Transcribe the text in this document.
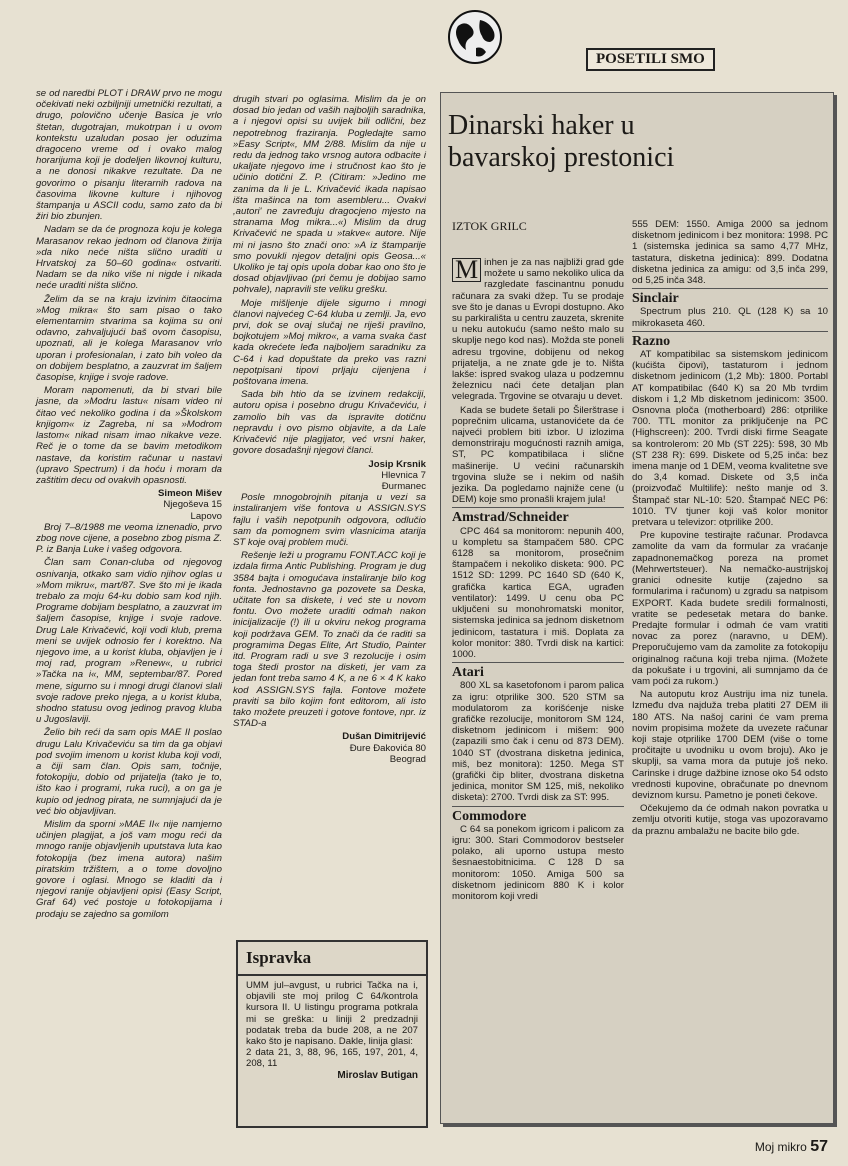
POSETILI SMO

se od naredbi PLOT i DRAW prvo ne mogu očekivati neki ozbiljniji umetnički rezultati, a drugo, polovično učenje Basica je vrlo štetan, dugotrajan, mukotrpan i u ovom kontekstu uzaludan posao jer oduzima dragoceno vreme od i ovako malog horarijuma koji je dodeljen likovnoj kulturu, a ne donosi nikakve rezultate. Da ne govorimo o pisanju literarnih radova na časovima likovne kulture i njihovog štampanja u ASCII codu, samo zato da bi žiri bio zbunjen.

Nadam se da će prognoza koju je kolega Marasanov rekao jednom od članova žirija »da niko neće ništa slično uraditi u Hrvatskoj za 50–60 godina« ostvariti. Nadam se da niko više ni nigde i nikada neće uraditi ništa slično.

Želim da se na kraju izvinim čitaocima »Mog mikra« što sam pisao o tako elementarnim stvarima sa kojima su oni odavno, zahvaljujući baš ovom časopisu, upoznati, ali je kolega Marasanov vrlo uporan i profesionalan, i zato bih voleo da on dobijem besplatno, a zauzvrat im šaljem časopise, knjige i svoje radove.

Moram napomenuti, da bi stvari bile jasne, da »Modru lastu« nisam video ni čitao već nekoliko godina i da »Školskom knjigom« iz Zagreba, ni sa »Modrom lastom« nikad nisam imao nikakve veze. Reč je o tome da se bavim metodikom nastave, da koristim računar u nastavi (upravo Spectrum) i da hoću i moram da zaštitim decu od ovakvih opasnosti.

Simeon Mišev
Njegoševa 15
Lapovo

Broj 7–8/1988 me veoma iznenadio, prvo zbog nove cijene, a posebno zbog pisma Z. P. iz Banja Luke i vašeg odgovora.

Član sam Conan-cluba od njegovog osnivanja, otkako sam vidio njihov oglas u »Mom mikru«, mart/87. Sve što mi je ikada trebalo za moju 64-ku dobio sam kod njih. Programe dobijam besplatno, a zauzvrat im šaljem časopise, knjige i svoje radove. Drug Lale Krivačević, koji vodi klub, prema meni se uvijek odnosio fer i korektno. Na njegovo ime, a u korist kluba, objavljen je i moj rad, program »Renew«, u rubrici »Tačka na i«, MM, septembar/87. Pored mene, sigurno su i mnogi drugi članovi slali svoje radove preko njega, a u korist kluba, shodno statusu ovog jedinog pravog kluba u Jugoslaviji.

Želio bih reći da sam opis MAE II poslao drugu Lalu Krivačeviću sa tim da ga objavi pod svojim imenom u korist kluba koji vodi, a čiji sam član. Opis sam, točnije, fotokopiju, dobio od prijatelja (tako je to, išto kao i programi, ruka ruci), a on ga je kupio od jednog pirata, ne sumnjajući da je već bio objavljivan.

Mislim da sporni »MAE II« nije namjerno učinjen plagijat, a još vam mogu reći da mnogo ranije objavljenih uputstava luta kao fotokopija (bez imena autora) našim piratskim tržištem, a o tome dovoljno govore i oglasi. Mnogo se kladiti da i njegovi ranije objavljeni opisi (Easy Script, Graf 64) već postoje u fotokopijama i prodaju se zajedno sa gomilom

drugih stvari po oglasima. Mislim da je on dosad bio jedan od vaših najboljih saradnika, a i njegovi opisi su uvijek bili odlični, bez nepotrebnog fraziranja. Pogledajte samo »Easy Script«, MM 2/88. Mislim da nije u redu da jednog tako vrsnog autora odbacite i ukaljate njegovo ime i stručnost kao što je učinio dotični Z. P. (Citiram: »Jedino me zanima da li je L. Krivačević ikada napisao išta mašinca na tom asembleru... Ovakvi ,autori' ne zavređuju dragocjeno mjesto na stranama Mog mikra...«) Mislim da drug Krivačević ne spada u »takve« autore. Nije mi ni jasno što znači ono: »A iz štamparije smo povukli njegov detaljni opis Geosa...« Ukoliko je taj opis upola dobar kao ono što je dosad objavljivao (pri čemu je dobijao samo pohvale), napravili ste veliku grešku.

Moje mišljenje dijele sigurno i mnogi članovi najvećeg C-64 kluba u zemlji. Ja, evo prvi, dok se ovaj slučaj ne riješi pravilno, bojkotujem »Moj mikro«, a vama svaka čast kada okrećete leđa najboljem saradniku za C-64 i kad dopuštate da preko vas razni nepotpisani tipovi prljaju cijenjena i poštovana imena.

Sada bih htio da se izvinem redakciji, autoru opisa i posebno drugu Krivačeviću, i zamolio bih vas da ispravite dotičnu nepravdu i ovo pismo objavite, a da Lale Krivačević nije plagijator, već vrsni haker, govore dosadašnji njegovi članci.

Josip Krsnik
Hlevnica 7
Đurmanec

Posle mnogobrojnih pitanja u vezi sa instaliranjem više fontova u ASSIGN.SYS fajlu i vaših nepotpunih odgovora, odlučio sam da pomognem svim vlasnicima atarija ST koje ovaj problem muči.

Rešenje leži u programu FONT.ACC koji je izdala firma Antic Publishing. Program je dug 3584 bajta i omogućava instaliranje bilo kog fonta. Jednostavno ga pozovete sa Deska, učitate fon sa diskete, i već ste u novom fontu. Ovo možete uraditi odmah nakon inicijalizacije (!) ili u okviru nekog programa koji podržava GEM. To znači da će raditi sa programima Degas Elite, Art Studio, Painter itd. Program radi u sve 3 rezolucije i osim toga štedi prostor na disketi, jer vam za jedan font treba samo 4 K, a ne 6 × 4 K kako kod ASSIGN.SYS fajla. Fontove možete praviti sa bilo kojim font editorom, ali isto tako možete preuzeti i gotove fontove, npr. iz STAD-a

Dušan Dimitrijević
Đure Đakovića 80
Beograd
Ispravka
UMM jul–avgust, u rubrici Tačka na i, objavili ste moj prilog C 64/kontrola kursora II. U listingu programa potkrala mi se greška: u liniji 2 predzadnji podatak treba da bude 208, a ne 207 kako što je napisano. Dakle, linija glasi:
2 data 21, 3, 88, 96, 165, 197, 201, 4, 208, 11
Miroslav Butigan
Dinarski haker u bavarskoj prestonici
IZTOK GRILC

M inhen je za nas najbliži grad gde možete u samo nekoliko ulica da razgledate fascinantnu ponudu računara za svaki džep. Tu se prodaje sve što je danas u Evropi dostupno. Ako su parkirališta u centru zauzeta, skrenite u neku autokuću (samo nešto malo su skuplje nego kod nas). Možda ste poneli adresu trgovine, dobijenu od nekog prijatelja, a ne znate gde je to. Ništa lakše: ispred svakog ulaza u podzemnu železnicu naći ćete detaljan plan velegrada. Trgovine se otvaraju u devet.

Kada se budete šetali po Šilerštrase i poprečnim ulicama, ustanovićete da će najveći problem biti izbor. U izlozima demonstriraju mogućnosti raznih amiga, ST, PC kompatibilaca i slične mašinerije. U većini računarskih trgovina služe se i nekim od naših jezika. Da pogledamo najniže cene (u DEM) koje smo pronašli krajem jula!

Amstrad/Schneider

CPC 464 sa monitorom: nepunih 400, u kompletu sa štampačem 580. CPC 6128 sa monitorom, prosečnim štampačem i nekoliko disketa: 900. PC 1512 SD: 1299. PC 1640 SD (640 K, grafička kartica EGA, ugrađen ventilator): 1499. U cenu oba PC uključeni su monohromatski monitor, sistemska jedinica sa jednom disketnom jedinicom, tastatura i miš. Doplata za kolor monitor: 380. Tvrdi disk na kartici: 1000.

Atari

800 XL sa kasetofonom i parom palica za igru: otprilike 300. 520 STM sa modulatorom za korišćenje niske grafičke rezolucije, monitorom SM 124, disketnom jedinicom i mišem: 900 (zapazili smo čak i cenu od 873 DEM). 1040 ST (dvostrana disketna jedinica, miš, bez monitora): 1250. Mega ST (grafički čip bliter, dvostrana disketna jedinica, monitor SM 125, miš, nekoliko disketa): 2700. Tvrdi disk za ST: 995.

Commodore

C 64 sa ponekom igricom i palicom za igru: 300. Stari Commodorov bestseler polako, ali uporno ustupa mesto šesnaestobitnicima. C 128 D sa monitorom: 1050. Amiga 500 sa disketnom jedinicom 880 K i kolor monitorom koji vredi

555 DEM: 1550. Amiga 2000 sa jednom disketnom jedinicom i bez monitora: 1998. PC 1 (sistemska jedinica sa samo 4,77 MHz, tastatura, disketna jedinica): 899. Dodatna disketna jedinica za amigu: od 3,5 inča 299, od 5,25 inča 348.

Sinclair

Spectrum plus 210. QL (128 K) sa 10 mikrokaseta 460.

Razno

AT kompatibilac sa sistemskom jedinicom (kućišta čipovi), tastaturom i jednom disketnom jedinicom (1,2 Mb): 1800. Portabl AT kompatibilac (640 K) sa 20 Mb tvrdim diskom i 1,2 Mb disketnom jedinicom: 3500. Osnovna ploča (motherboard) 286: otprilike 700. TTL monitor za priključenje na PC (Highscreen): 200. Tvrdi diski firme Seagate sa kontrolerom: 20 Mb (ST 225): 598, 30 Mb (ST 238 R): 699. Diskete od 5,25 inča: bez imena manje od 1 DEM, veoma kvalitetne sve do 3,4 komad. Diskete od 3,5 inča (proizvođač Multilife): nešto manje od 3. Štampač star NL-10: 520. Štampač NEC P6: 1010. TV tjuner koji vaš kolor monitor pretvara u televizor: otprilike 200.

Pre kupovine testirajte računar. Prodavca zamolite da vam da formular za vraćanje zapadnonemačkog poreza na promet (Mehrwertsteuer). Na nemačko-austrijskoj granici odnesite kutije (zajedno sa formularima i računom) u zgradu sa natpisom EXPORT. Kada budete sredili formalnosti, vratite se pedesetak metara do banke. Predajte formular i odmah će vam vratiti novac za porez (naravno, u DEM). Preporučujemo vam da zamolite za fotokopiju originalnog računa koji treba njima. (Možete da pokušate i u trgovini, ali sumnjamo da će vam poći za rukom.)

Na autoputu kroz Austriju ima niz tunela. Između dva najduža treba platiti 27 DEM ili 180 ATS. Na našoj carini će vam prema novim propisima možete da uvezete računar koji staje otprilike 1700 DEM (više o tome pročitajte u uvodniku u ovom broju). Ako je skuplji, sa vama mora da putuje još neko. Carinske i druge dažbine iznose oko 54 odsto vrednosti kupovine, obračunate po dnevnom deviznom kursu. Pametno je poneti čekove.

Očekujemo da će odmah nakon povratka u zemlju otvoriti kutije, stoga vas upozoravamo da praznu ambalažu ne bacite bilo gde.

Moj mikro 57
